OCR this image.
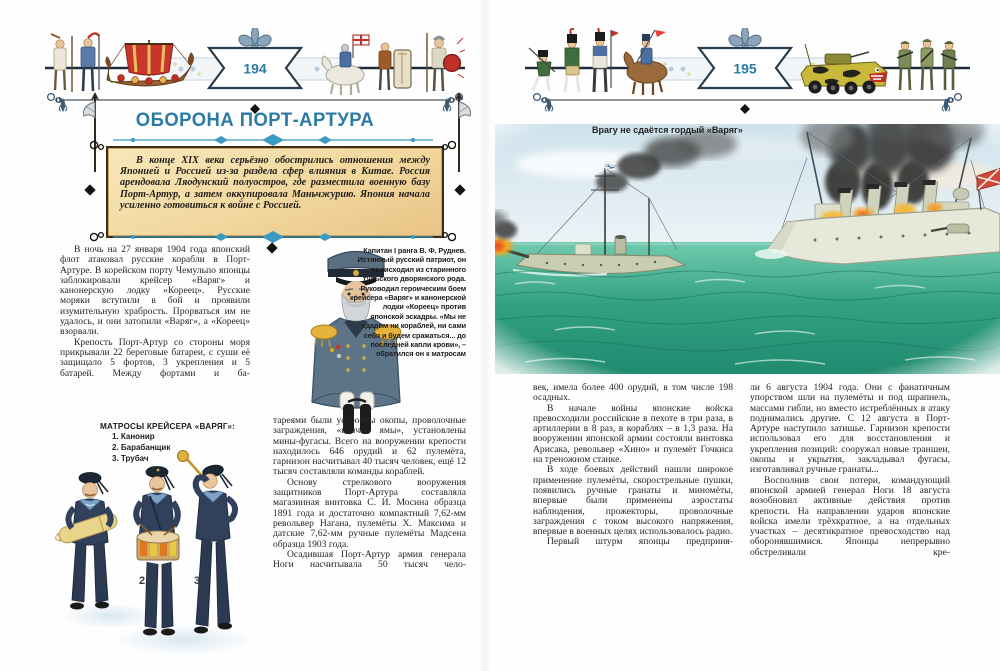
194
ОБОРОНА ПОРТ-АРТУРА
В конце XIX века серьёзно обострились отношения между Японией и Россией из-за раздела сфер влияния в Китае. Россия арендовала Ляодунский полуостров, где разместила военную базу Порт-Артур, а затем оккупировала Маньчжурию. Япония начала усиленно готовиться к войне с Россией.

В ночь на 27 января 1904 года японский флот атаковал русские корабли в Порт-Артуре. В корейском порту Чемульпо японцы заблокировали крейсер «Варяг» и канонерскую лодку «Кореец». Русские моряки вступили в бой и проявили изумительную храбрость. Прорваться им не удалось, и они затопили «Варяг», а «Кореец» взорвали.

Крепость Порт-Артур со стороны моря прикрывали 22 береговые батареи, с суши её защищало 5 фортов, 3 укрепления и 5 батарей. Между фортами и ба-

Капитан I ранга В. Ф. Руднев. Истинный русский патриот, он происходил из старинного тульского дворянского рода. Руководил героическим боем крейсера «Варяг» и канонерской лодки «Кореец» против японской эскадры. «Мы не сдадим ни кораблей, ни сами себя и будем сражаться... до последней капли крови», – обратился он к матросам

тареями были устроены окопы, проволочные заграждения, «волчьи ямы», установлены мины-фугасы. Всего на вооружении крепости находилось 646 орудий и 62 пулемёта, гарнизон насчитывал 40 тысяч человек, ещё 12 тысяч составляли команды кораблей.

Основу стрелкового вооружения защитников Порт-Артура составляла магазинная винтовка С. И. Мосина образца 1891 года и достаточно компактный 7,62-мм револьвер Нагана, пулемёты Х. Максима и датские 7,62-мм ручные пулемёты Мадсена образца 1903 года.

Осадившая Порт-Артур армия генерала Ноги насчитывала 50 тысяч чело-

МАТРОСЫ КРЕЙСЕРА «ВАРЯГ»:
1. Канонир
2. Барабанщик
3. Трубач
1	2	3
195
Врагу не сдаётся гордый «Варяг»

век, имела более 400 орудий, в том числе 198 осадных.

В начале войны японские войска превосходили российские в пехоте в три раза, в артиллерии в 8 раз, в кораблях – в 1,3 раза. На вооружении японской армии состояли винтовка Арисака, револьвер «Хино» и пулемёт Гочкиса на треножном станке.

В ходе боевых действий нашли широкое применение пулемёты, скорострельные пушки, появились ручные гранаты и миномёты, впервые были применены аэростаты наблюдения, прожекторы, проволочные заграждения с током высокого напряжения, впервые в военных целях использовалось радио.

Первый штурм японцы предприня-

ли 6 августа 1904 года. Они с фанатичным упорством шли на пулемёты и под шрапнель, массами гибли, но вместо истреблённых в атаку поднимались другие. С 12 августа в Порт-Артуре наступило затишье. Гарнизон крепости использовал его для восстановления и укрепления позиций: сооружал новые траншеи, окопы и укрытия, закладывал фугасы, изготавливал ручные гранаты...

Восполнив свои потери, командующий японской армией генерал Ноги 18 августа возобновил активные действия против крепости. На направлении ударов японские войска имели трёхкратное, а на отдельных участках – десятикратное превосходство над оборонявшимися. Японцы непрерывно обстреливали кре-
